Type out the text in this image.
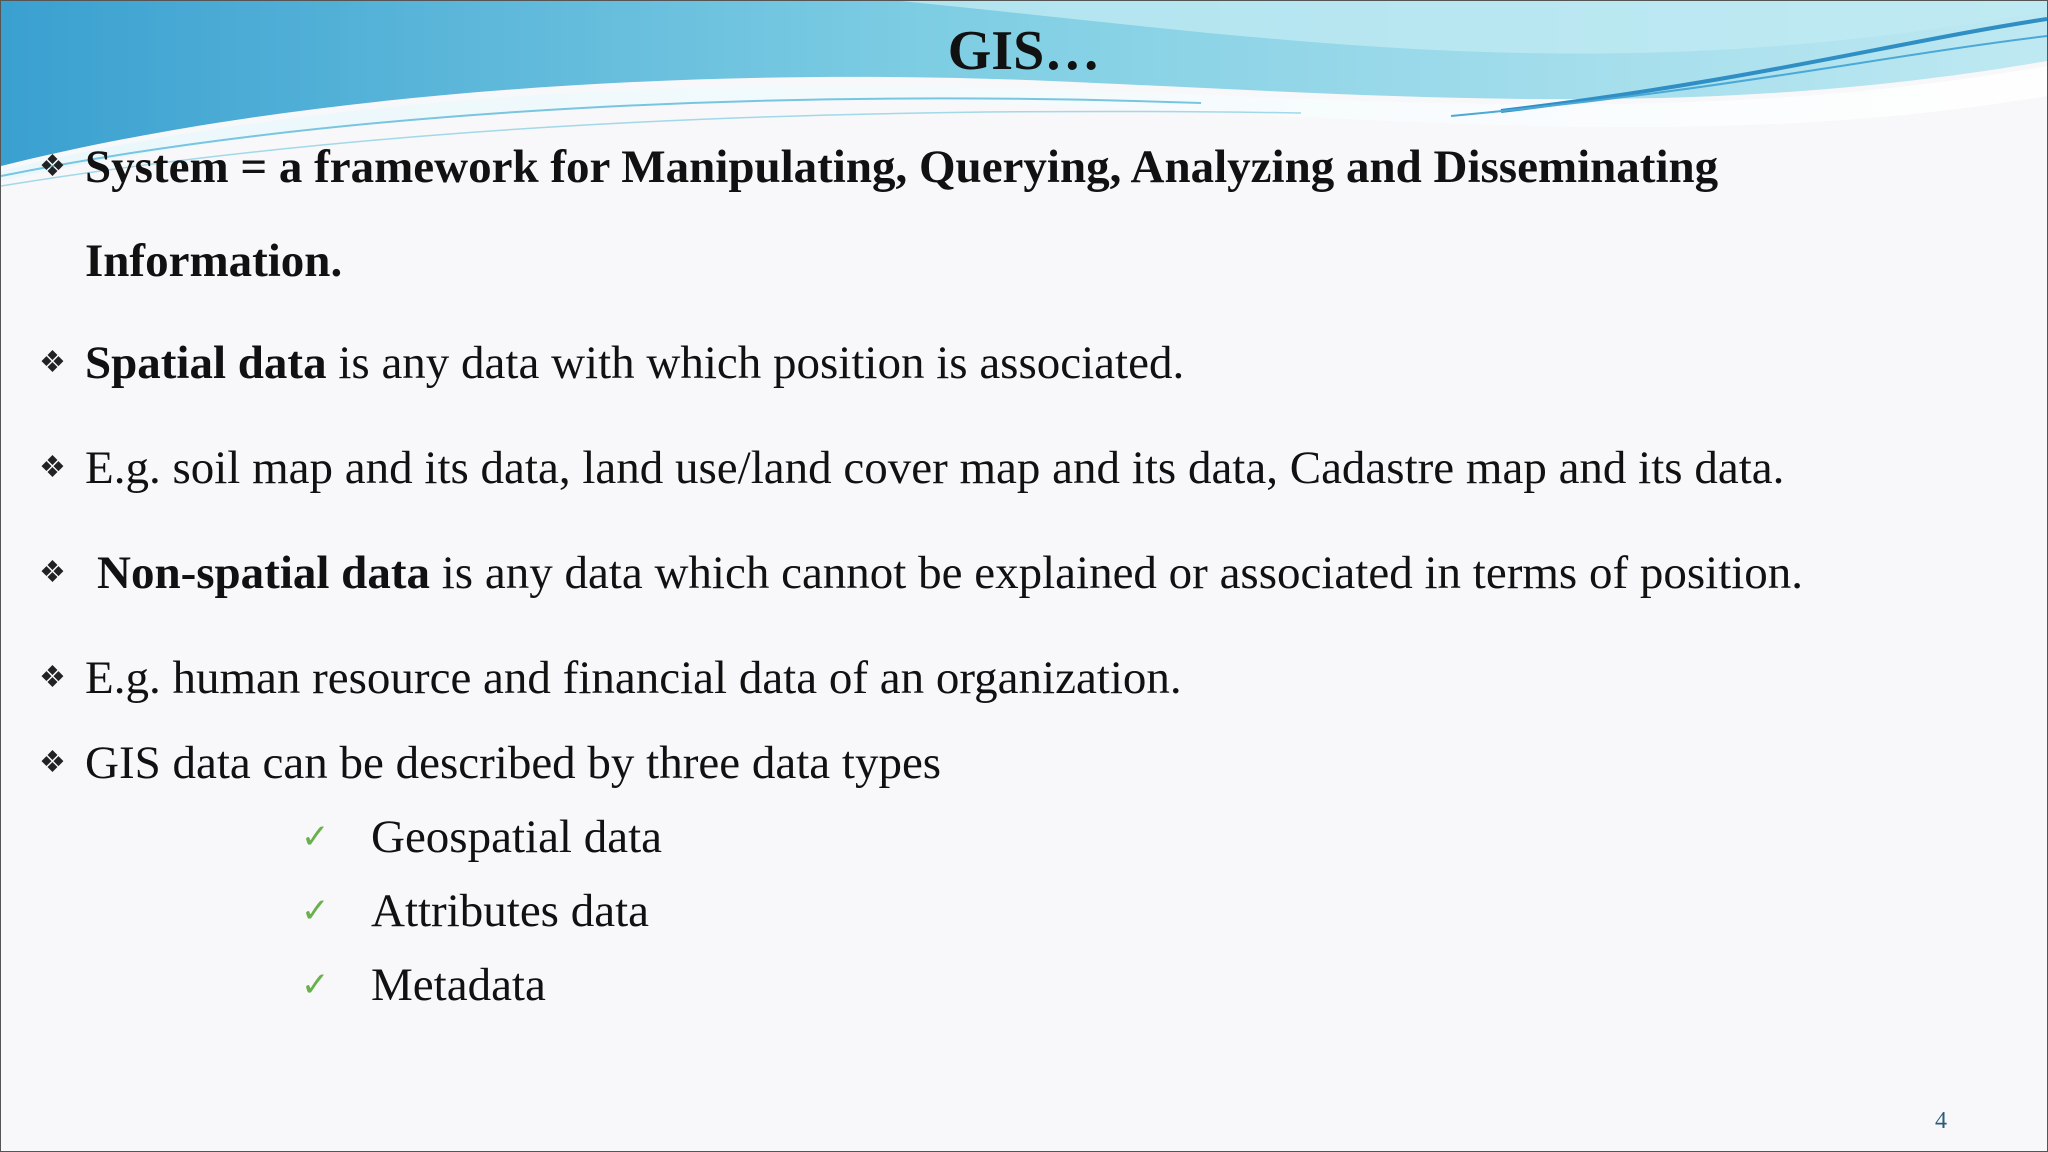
GIS…
❖ System = a framework for Manipulating, Querying, Analyzing and Disseminating
Information.
❖ Spatial data is any data with which position is associated.
❖ E.g. soil map and its data, land use/land cover map and its data, Cadastre map and its data.
❖ Non-spatial data is any data which cannot be explained or associated in terms of position.
❖ E.g. human resource and financial data of an organization.
❖ GIS data can be described by three data types
✓ Geospatial data
✓ Attributes data
✓ Metadata
4
